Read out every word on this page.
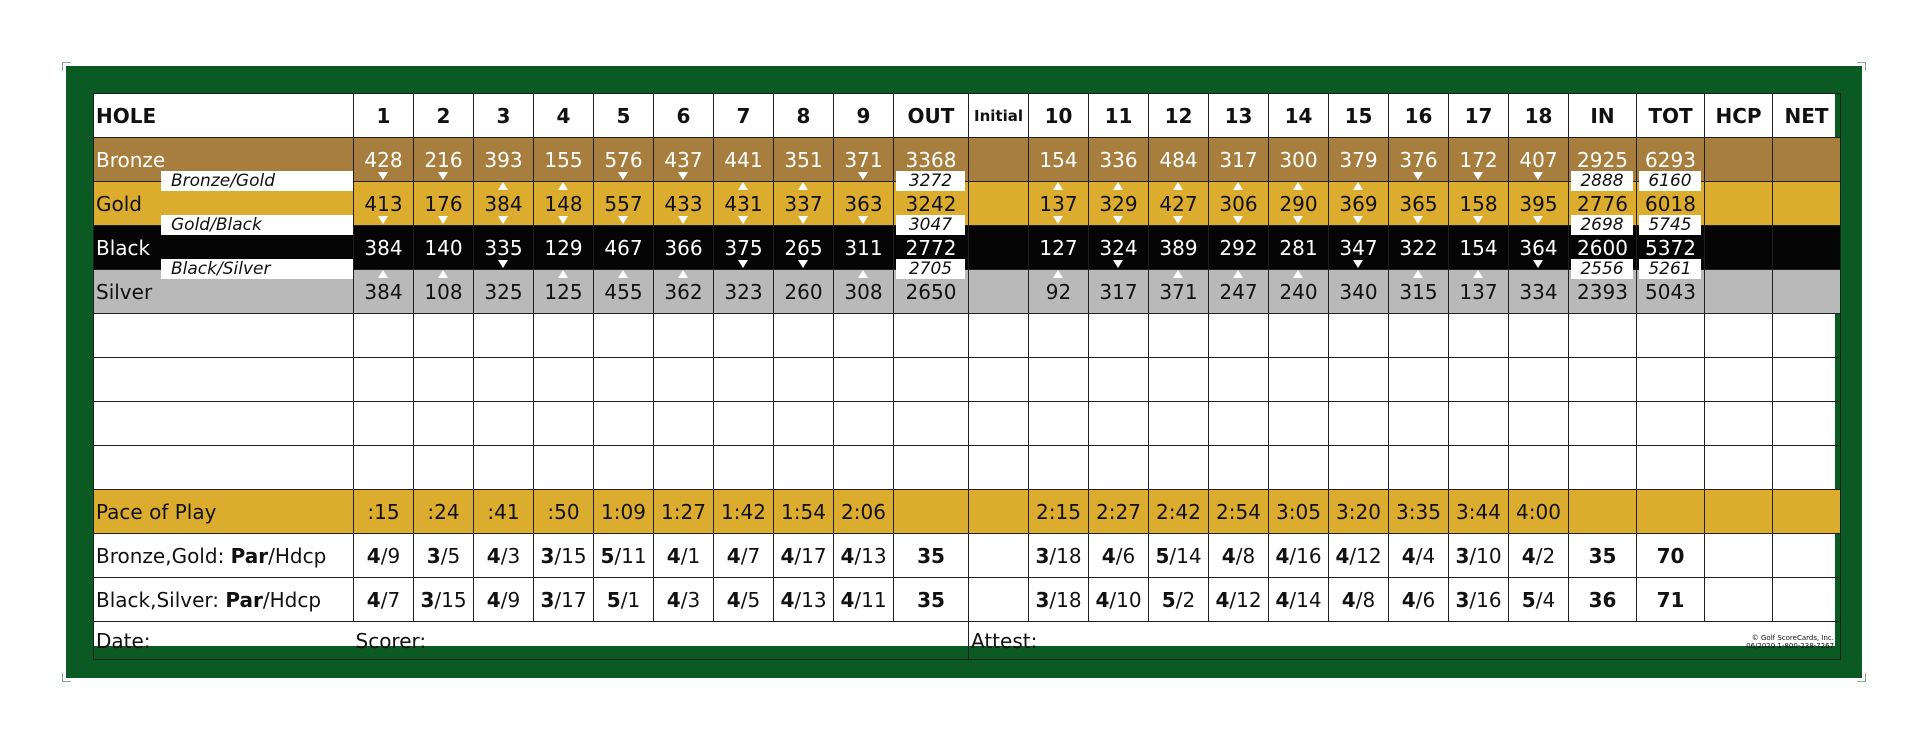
HOLE	1	2	3	4	5	6	7	8	9	OUT	Initial	10	11	12	13	14	15	16	17	18	IN	TOT	HCP	NET
Bronze	428	216	393	155	576	437	441	351	371	3368		154	336	484	317	300	379	376	172	407	2925	6293		
Gold	413	176	384	148	557	433	431	337	363	3242		137	329	427	306	290	369	365	158	395	2776	6018		
Black	384	140	335	129	467	366	375	265	311	2772		127	324	389	292	281	347	322	154	364	2600	5372		
Silver	384	108	325	125	455	362	323	260	308	2650		92	317	371	247	240	340	315	137	334	2393	5043		

Pace of Play	:15	:24	:41	:50	1:09	1:27	1:42	1:54	2:06			2:15	2:27	2:42	2:54	3:05	3:20	3:35	3:44	4:00				
Bronze,Gold: Par/Hdcp	4/9	3/5	4/3	3/15	5/11	4/1	4/7	4/17	4/13	35		3/18	4/6	5/14	4/8	4/16	4/12	4/4	3/10	4/2	35	70		
Black,Silver: Par/Hdcp	4/7	3/15	4/9	3/17	5/1	4/3	4/5	4/13	4/11	35		3/18	4/10	5/2	4/12	4/14	4/8	4/6	3/16	5/4	36	71		
Date:	Scorer:										Attest: © Golf ScoreCards, Inc.
06/2020 1-800-238-7267													
Bronze/Gold	3272	2888	6160
Gold/Black	3047	2698	5745
Black/Silver	2705	2556	5261
